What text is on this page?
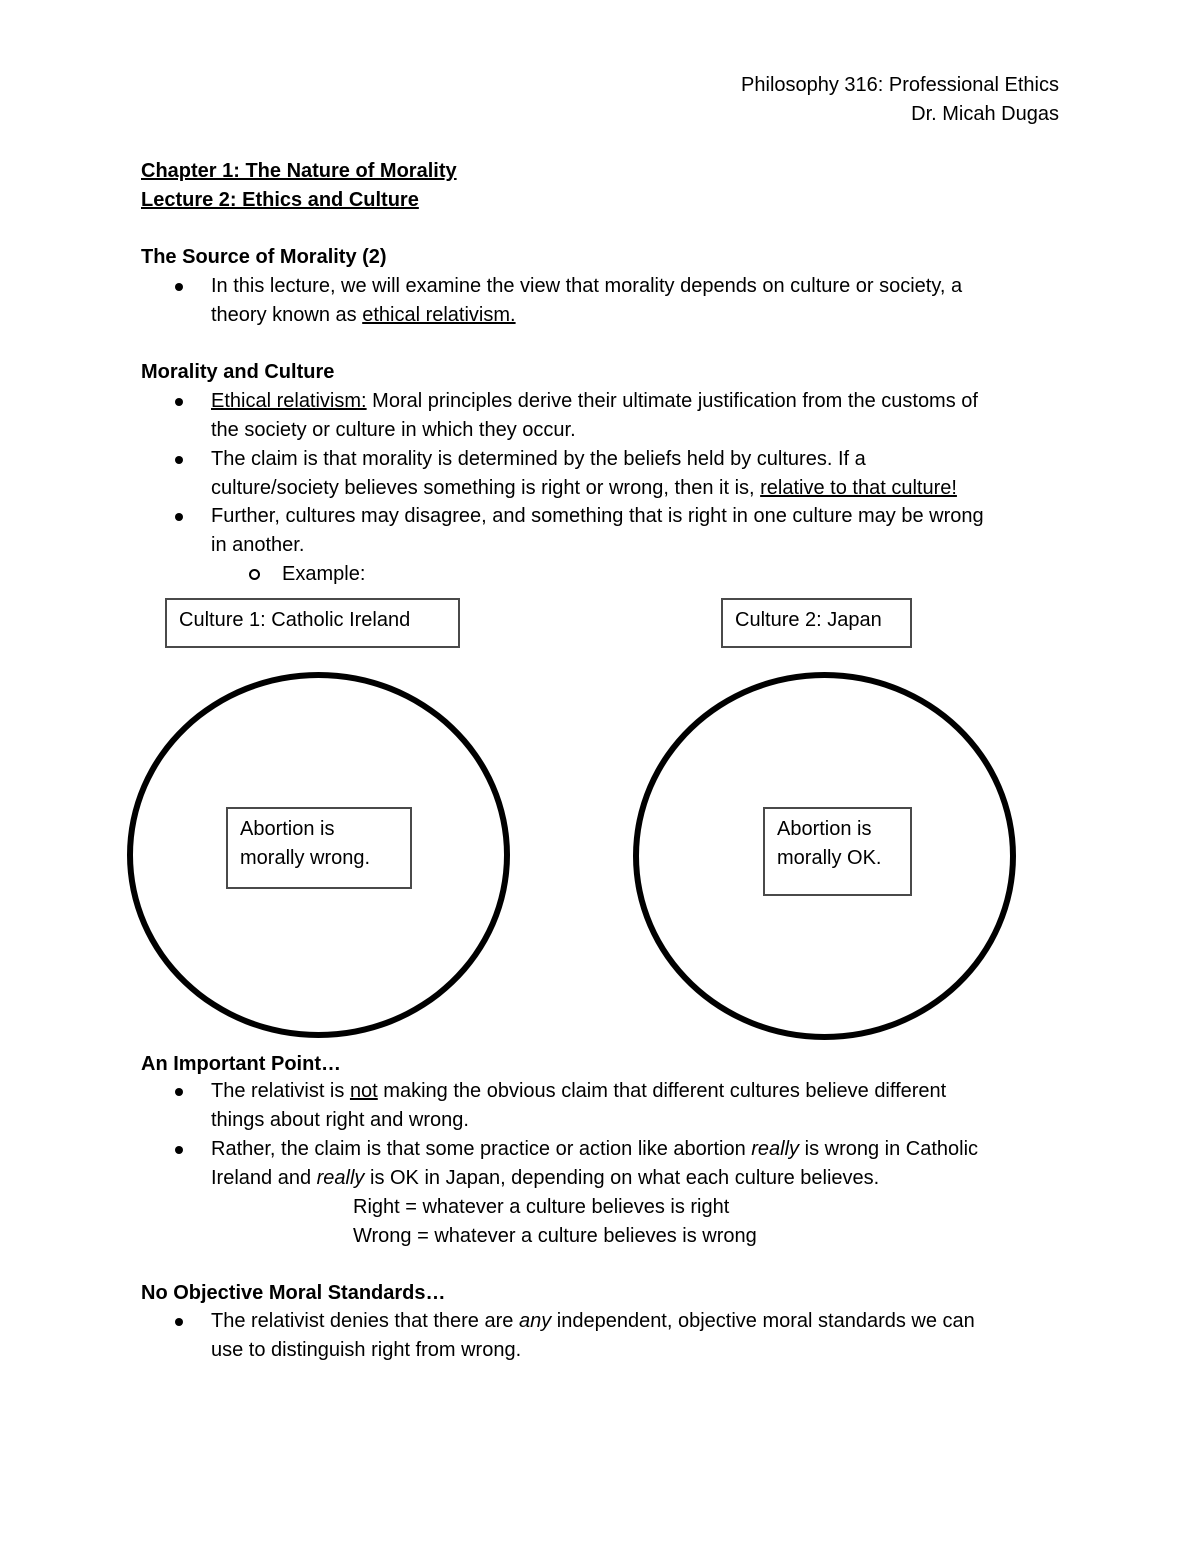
Philosophy 316: Professional Ethics
Dr. Micah Dugas
Chapter 1: The Nature of Morality
Lecture 2: Ethics and Culture
The Source of Morality (2)
In this lecture, we will examine the view that morality depends on culture or society, a
theory known as ethical relativism.
Morality and Culture
Ethical relativism: Moral principles derive their ultimate justification from the customs of
the society or culture in which they occur.
The claim is that morality is determined by the beliefs held by cultures. If a
culture/society believes something is right or wrong, then it is, relative to that culture!
Further, cultures may disagree, and something that is right in one culture may be wrong
in another.
Example:
Culture 1: Catholic Ireland	Culture 2: Japan
Abortion is
morally wrong.
Abortion is
morally OK.
An Important Point…
The relativist is not making the obvious claim that different cultures believe different
things about right and wrong.
Rather, the claim is that some practice or action like abortion really is wrong in Catholic
Ireland and really is OK in Japan, depending on what each culture believes.
Right = whatever a culture believes is right
Wrong = whatever a culture believes is wrong
No Objective Moral Standards…
The relativist denies that there are any independent, objective moral standards we can
use to distinguish right from wrong.
